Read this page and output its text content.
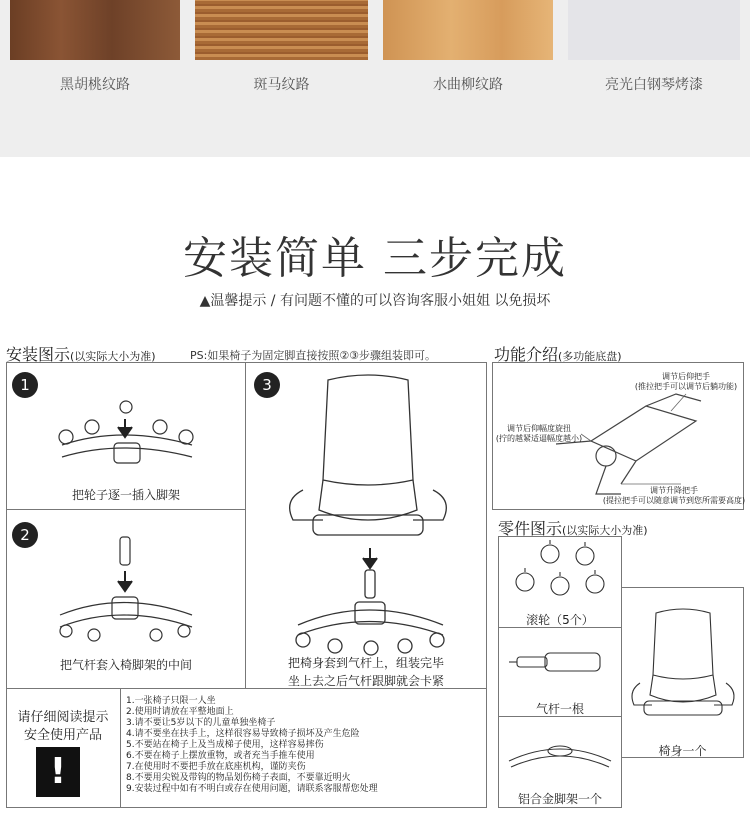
黑胡桃纹路	斑马纹路	水曲柳纹路	亮光白钢琴烤漆
安装简单 三步完成
▲温馨提示 / 有问题不懂的可以咨询客服小姐姐 以免损坏
安装图示(以实际大小为准)	PS:如果椅子为固定脚直接按照②③步骤组装即可。
1
把轮子逐一插入脚架
2
把气杆套入椅脚架的中间
3
把椅身套到气杆上，组装完毕
坐上去之后气杆跟脚就会卡紧
请仔细阅读提示
安全使用产品
!
1.一张椅子只限一人坐
2.使用时请放在平整地面上
3.请不要让5岁以下的儿童单独坐椅子
4.请不要坐在扶手上，这样很容易导致椅子损坏及产生危险
5.不要站在椅子上及当成梯子使用，这样容易摔伤
6.不要在椅子上摆放重物，或者充当手推车使用
7.在使用时不要把手放在底座机构，谨防夹伤
8.不要用尖锐及带钩的物品划伤椅子表面，不要靠近明火
9.安装过程中如有不明白或存在使用问题，请联系客服帮您处理
功能介绍(多功能底盘)
调节后仰把手
(推拉把手可以调节后躺功能)
调节后仰幅度旋扭
(拧的越紧适逼幅度越小)
调节升降把手
(提拉把手可以随意调节到您所需要高度)
零件图示(以实际大小为准)
滚轮（5个）
气杆一根
铝合金脚架一个
椅身一个
